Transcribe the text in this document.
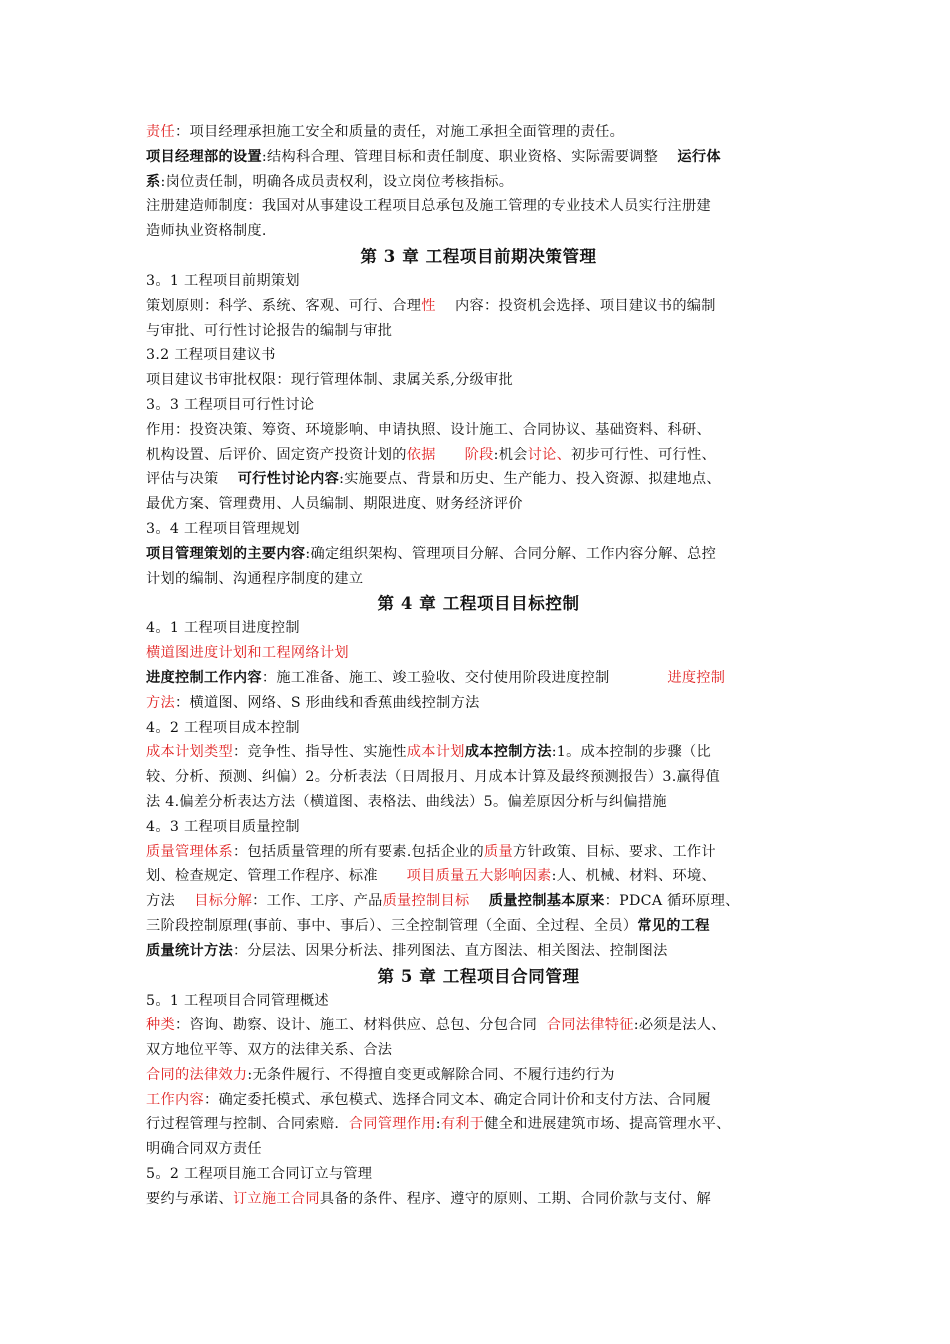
责任：项目经理承担施工安全和质量的责任，对施工承担全面管理的责任。
项目经理部的设置:结构科合理、管理目标和责任制度、职业资格、实际需要调整    运行体
系:岗位责任制，明确各成员责权利，设立岗位考核指标。
注册建造师制度：我国对从事建设工程项目总承包及施工管理的专业技术人员实行注册建
造师执业资格制度.
第 3 章 工程项目前期决策管理
3。1 工程项目前期策划
策划原则：科学、系统、客观、可行、合理性    内容：投资机会选择、项目建议书的编制
与审批、可行性讨论报告的编制与审批
3.2 工程项目建议书
项目建议书审批权限：现行管理体制、隶属关系,分级审批
3。3 工程项目可行性讨论
作用：投资决策、筹资、环境影响、申请执照、设计施工、合同协议、基础资料、科研、
机构设置、后评价、固定资产投资计划的依据 阶段:机会讨论、初步可行性、可行性、
评估与决策    可行性讨论内容:实施要点、背景和历史、生产能力、投入资源、拟建地点、
最优方案、管理费用、人员编制、期限进度、财务经济评价
3。4 工程项目管理规划
项目管理策划的主要内容:确定组织架构、管理项目分解、合同分解、工作内容分解、总控
计划的编制、沟通程序制度的建立
第 4 章 工程项目目标控制
4。1 工程项目进度控制
横道图进度计划和工程网络计划
进度控制工作内容：施工准备、施工、竣工验收、交付使用阶段进度控制            进度控制
方法：横道图、网络、S 形曲线和香蕉曲线控制方法
4。2 工程项目成本控制
成本计划类型：竞争性、指导性、实施性成本计划成本控制方法:1。成本控制的步骤（比
较、分析、预测、纠偏）2。分析表法（日周报月、月成本计算及最终预测报告）3.赢得值
法 4.偏差分析表达方法（横道图、表格法、曲线法）5。偏差原因分析与纠偏措施
4。3 工程项目质量控制
质量管理体系：包括质量管理的所有要素.包括企业的质量方针政策、目标、要求、工作计
划、检查规定、管理工作程序、标准      项目质量五大影响因素:人、机械、材料、环境、
方法    目标分解：工作、工序、产品质量控制目标 质量控制基本原来：PDCA 循环原理、
三阶段控制原理(事前、事中、事后）、三全控制管理（全面、全过程、全员）常见的工程
质量统计方法：分层法、因果分析法、排列图法、直方图法、相关图法、控制图法
第 5 章 工程项目合同管理
5。1 工程项目合同管理概述
种类：咨询、勘察、设计、施工、材料供应、总包、分包合同  合同法律特征:必须是法人、
双方地位平等、双方的法律关系、合法
合同的法律效力:无条件履行、不得擅自变更或解除合同、不履行违约行为
工作内容：确定委托模式、承包模式、选择合同文本、确定合同计价和支付方法、合同履
行过程管理与控制、合同索赔.  合同管理作用:有利于健全和进展建筑市场、提高管理水平、
明确合同双方责任
5。2 工程项目施工合同订立与管理
要约与承诺、订立施工合同具备的条件、程序、遵守的原则、工期、合同价款与支付、解
